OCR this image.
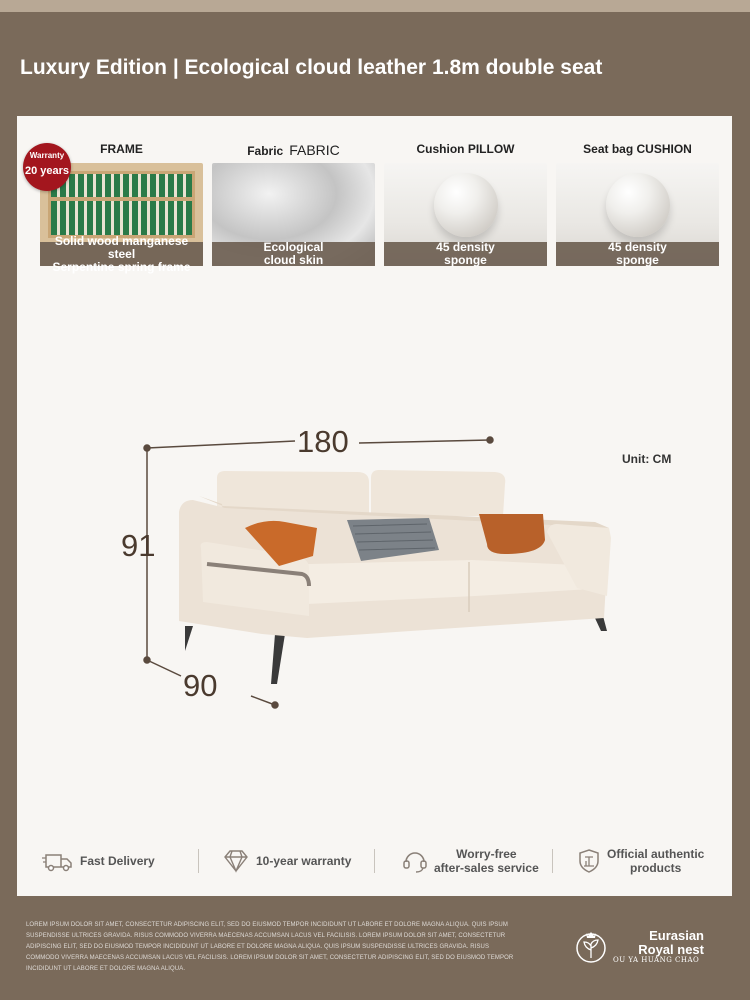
Luxury Edition | Ecological cloud leather 1.8m double seat
FRAME
Solid wood manganese steel
Serpentine spring frame
Warranty
20 years
Fabric FABRIC
Ecological
cloud skin
Cushion PILLOW
45 density
sponge
Seat bag CUSHION
45 density
sponge
180
91
90
Unit: CM
Fast Delivery	10-year warranty	Worry-free
after-sales service
Official authentic
products

LOREM IPSUM DOLOR SIT AMET, CONSECTETUR ADIPISCING ELIT, SED DO EIUSMOD TEMPOR INCIDIDUNT UT LABORE ET DOLORE MAGNA ALIQUA. QUIS IPSUM SUSPENDISSE ULTRICES GRAVIDA. RISUS COMMODO VIVERRA MAECENAS ACCUMSAN LACUS VEL FACILISIS. LOREM IPSUM DOLOR SIT AMET, CONSECTETUR ADIPISCING ELIT, SED DO EIUSMOD TEMPOR INCIDIDUNT UT LABORE ET DOLORE MAGNA ALIQUA. QUIS IPSUM SUSPENDISSE ULTRICES GRAVIDA. RISUS COMMODO VIVERRA MAECENAS ACCUMSAN LACUS VEL FACILISIS. LOREM IPSUM DOLOR SIT AMET, CONSECTETUR ADIPISCING ELIT, SED DO EIUSMOD TEMPOR INCIDIDUNT UT LABORE ET DOLORE MAGNA ALIQUA.

Eurasian Royal nest
OU YA HUANG CHAO
